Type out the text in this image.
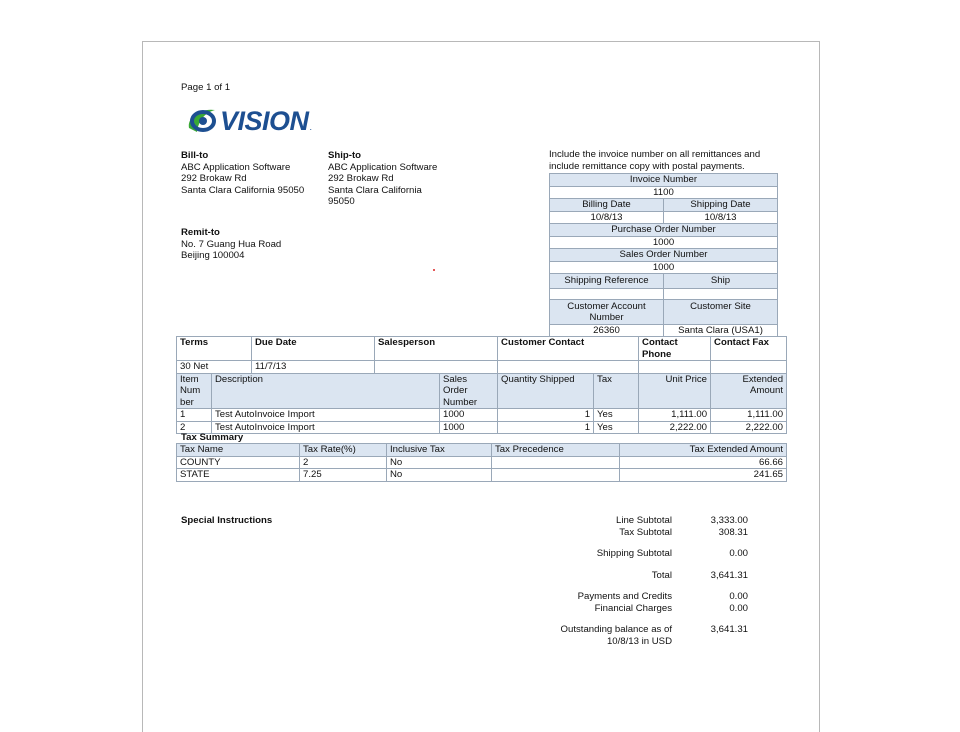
Page 1 of 1
VISION .
Bill-to
ABC Application Software
292 Brokaw Rd
Santa Clara California 95050
Ship-to
ABC Application Software
292 Brokaw Rd
Santa Clara California
95050
Remit-to
No. 7 Guang Hua Road
Beijing 100004
Include the invoice number on all remittances and include remittance copy with postal payments.
Invoice Number	
1100	
Billing Date	Shipping Date
10/8/13	10/8/13
Purchase Order Number	
1000	
Sales Order Number	
1000	
Shipping Reference	Ship

Customer Account Number	Customer Site
26360	Santa Clara (USA1)
Terms		Due Date	Salesperson		Customer Contact		Contact Phone	Contact Fax
30 Net		11/7/13						
Item Num ber	Description			Sales Order Number	Quantity Shipped	Tax	Unit Price	Extended Amount
1	Test AutoInvoice Import			1000	1	Yes	1,111.00	1,111.00
2	Test AutoInvoice Import			1000	1	Yes	2,222.00	2,222.00
Tax Summary
Tax Name	Tax Rate(%)	Inclusive Tax	Tax Precedence	Tax Extended Amount
COUNTY	2	No		66.66
STATE	7.25	No		241.65
Special Instructions	Line Subtotal	3,333.00
Tax Subtotal	308.31

Shipping Subtotal	0.00

Total	3,641.31

Payments and Credits	0.00
Financial Charges	0.00

Outstanding balance as of
10/8/13 in USD	3,641.31
